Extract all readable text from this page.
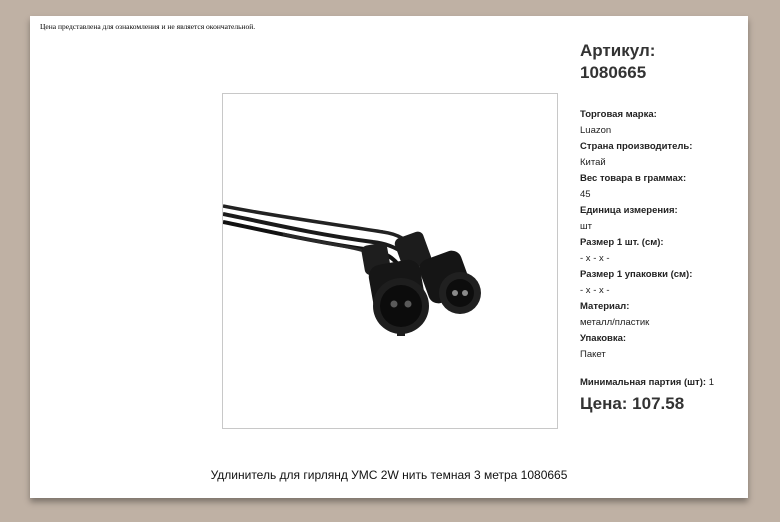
Цена представлена для ознакомления и не является окончательной.
Артикул:
1080665
Торговая марка:
Luazon
Страна производитель:
Китай
Вес товара в граммах:
45
Единица измерения:
шт
Размер 1 шт. (см):
- x - x -
Размер 1 упаковки (см):
- x - x -
Материал:
металл/пластик
Упаковка:
Пакет
Минимальная партия (шт): 1
Цена: 107.58
Удлинитель для гирлянд УМС 2W нить темная 3 метра 1080665
